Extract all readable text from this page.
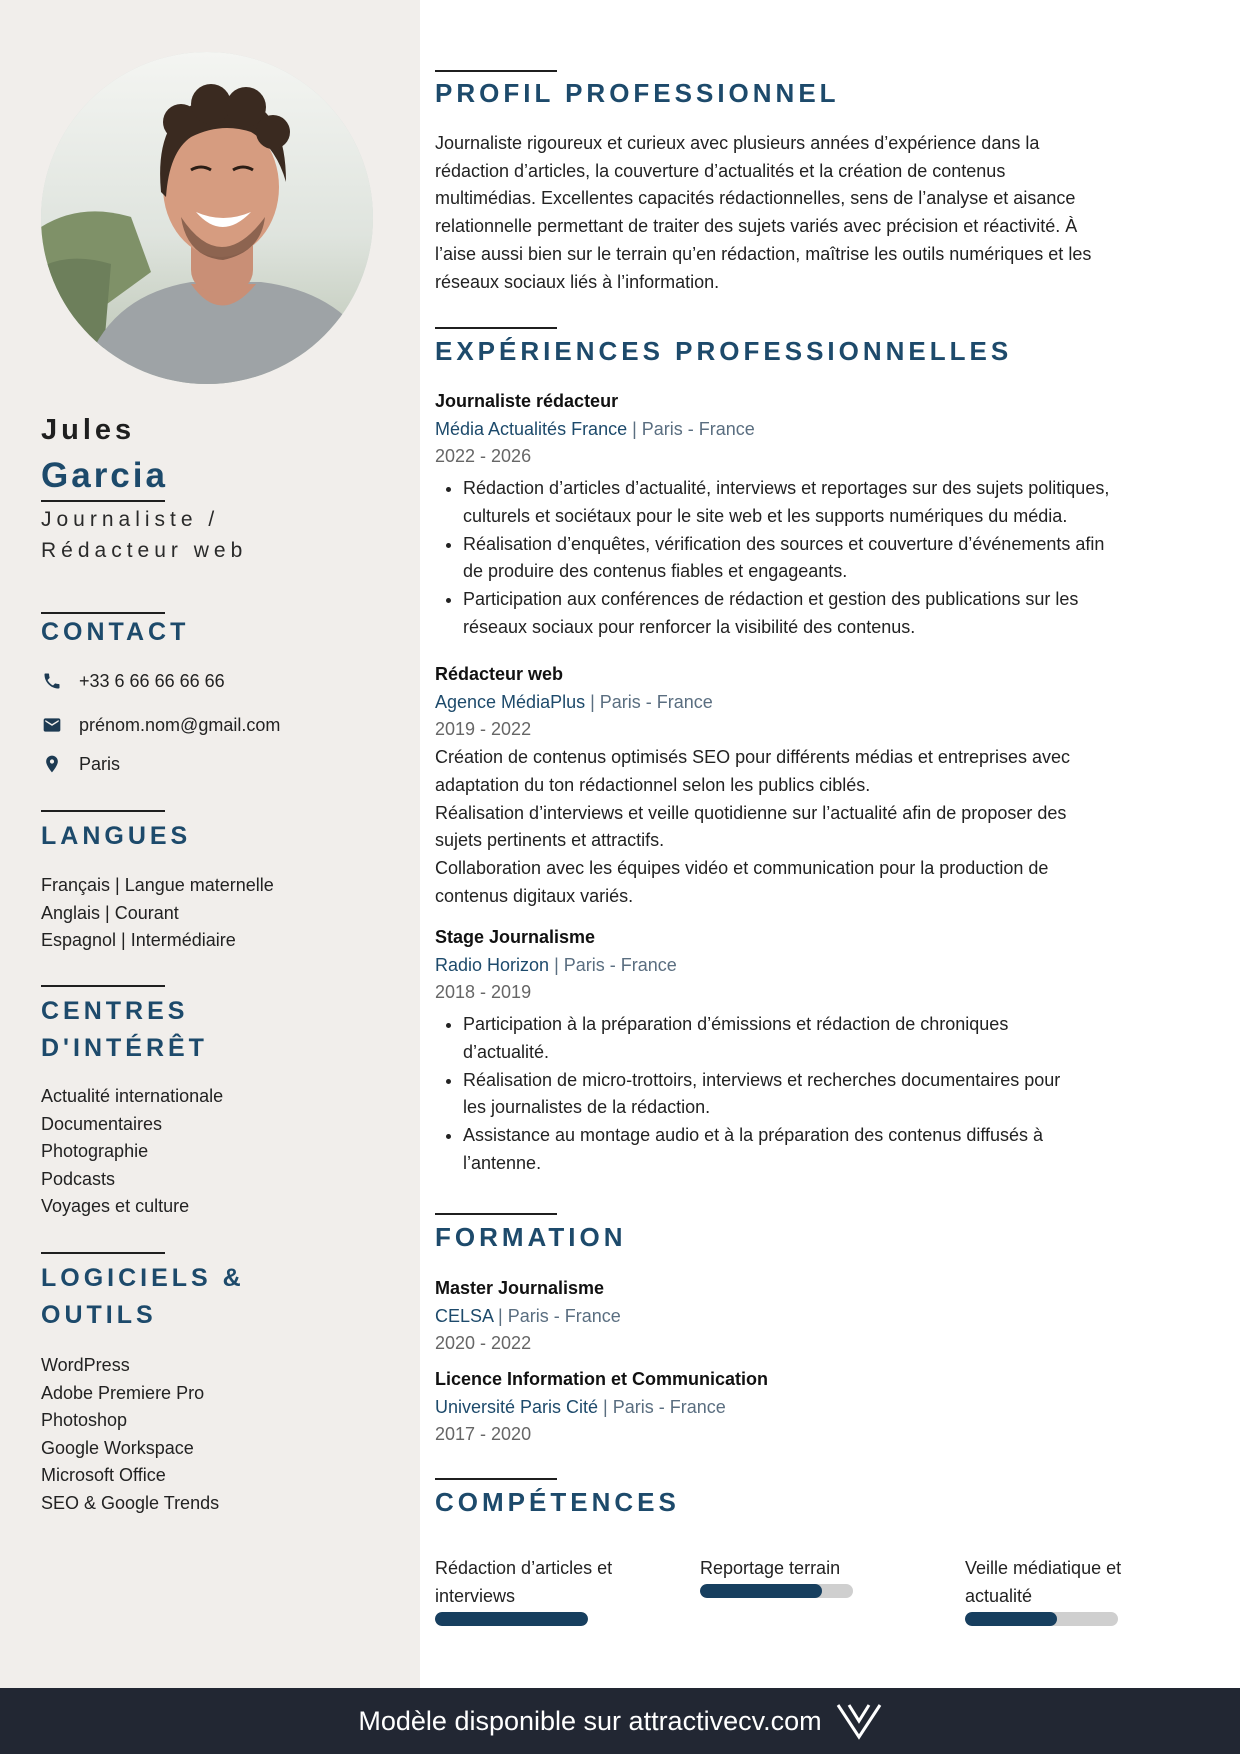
Jules
Garcia
Journaliste /
Rédacteur web
CONTACT
+33 6 66 66 66 66
prénom.nom@gmail.com
Paris
LANGUES
Français | Langue maternelle
Anglais | Courant
Espagnol | Intermédiaire
CENTRES
D'INTÉRÊT
Actualité internationale
Documentaires
Photographie
Podcasts
Voyages et culture
LOGICIELS &
OUTILS
WordPress
Adobe Premiere Pro
Photoshop
Google Workspace
Microsoft Office
SEO & Google Trends
PROFIL PROFESSIONNEL
Journaliste rigoureux et curieux avec plusieurs années d’expérience dans la
rédaction d’articles, la couverture d’actualités et la création de contenus
multimédias. Excellentes capacités rédactionnelles, sens de l’analyse et aisance
relationnelle permettant de traiter des sujets variés avec précision et réactivité. À
l’aise aussi bien sur le terrain qu’en rédaction, maîtrise les outils numériques et les
réseaux sociaux liés à l’information.
EXPÉRIENCES PROFESSIONNELLES
Journaliste rédacteur
Média Actualités France | Paris - France
2022 - 2026
• Rédaction d’articles d’actualité, interviews et reportages sur des sujets politiques,
culturels et sociétaux pour le site web et les supports numériques du média.
• Réalisation d’enquêtes, vérification des sources et couverture d’événements afin
de produire des contenus fiables et engageants.
• Participation aux conférences de rédaction et gestion des publications sur les
réseaux sociaux pour renforcer la visibilité des contenus.
Rédacteur web
Agence MédiaPlus | Paris - France
2019 - 2022

Création de contenus optimisés SEO pour différents médias et entreprises avec

adaptation du ton rédactionnel selon les publics ciblés.

Réalisation d’interviews et veille quotidienne sur l’actualité afin de proposer des

sujets pertinents et attractifs.

Collaboration avec les équipes vidéo et communication pour la production de

contenus digitaux variés.

Stage Journalisme
Radio Horizon | Paris - France
2018 - 2019
• Participation à la préparation d’émissions et rédaction de chroniques
d’actualité.
• Réalisation de micro-trottoirs, interviews et recherches documentaires pour
les journalistes de la rédaction.
• Assistance au montage audio et à la préparation des contenus diffusés à
l’antenne.
FORMATION
Master Journalisme
CELSA | Paris - France
2020 - 2022
Licence Information et Communication
Université Paris Cité | Paris - France
2017 - 2020
COMPÉTENCES
Rédaction d’articles et
interviews
Reportage terrain	Veille médiatique et
actualité
Modèle disponible sur attractivecv.com
